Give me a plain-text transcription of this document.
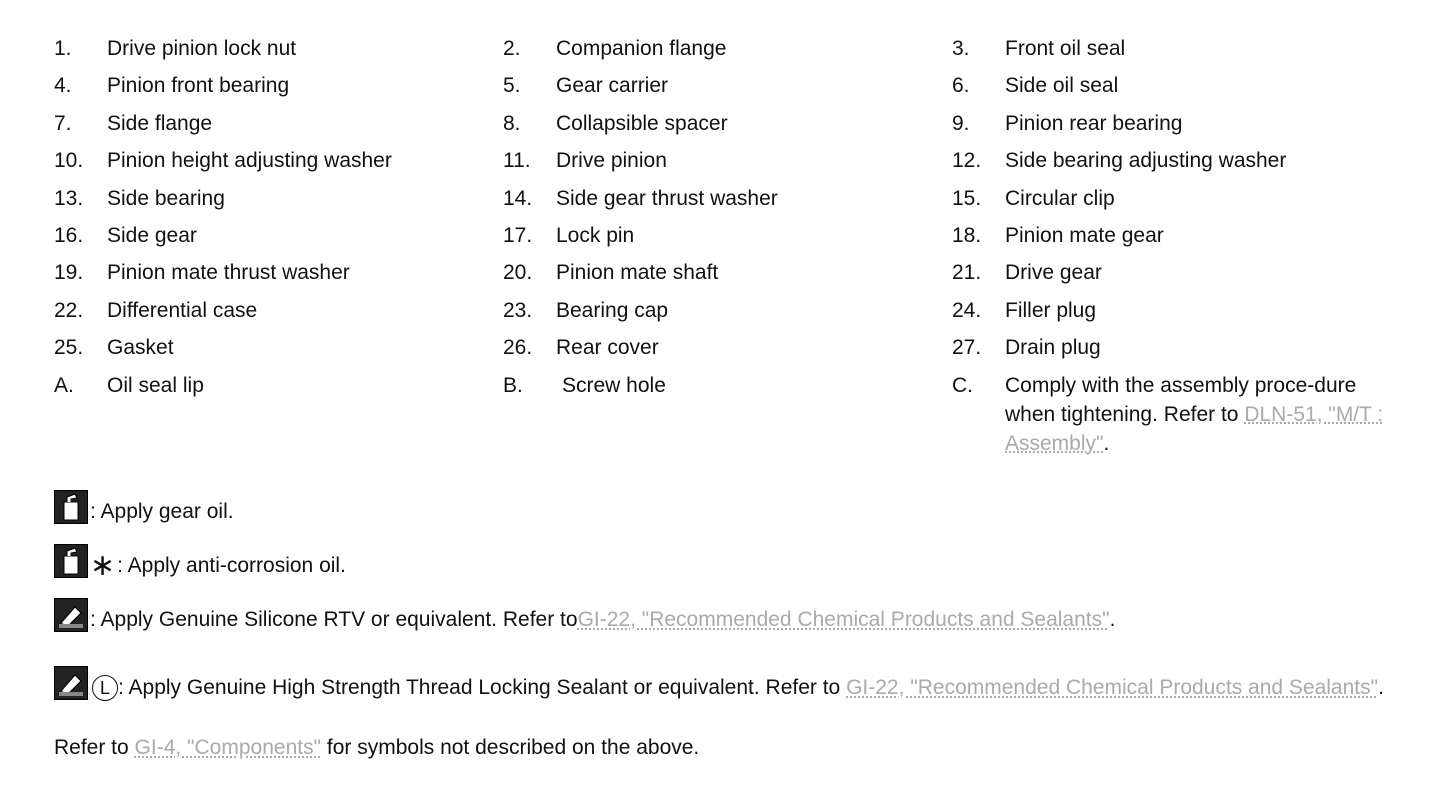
1.	Drive pinion lock nut	2.	Companion flange	3.	Front oil seal
4.	Pinion front bearing	5.	Gear carrier	6.	Side oil seal
7.	Side flange	8.	Collapsible spacer	9.	Pinion rear bearing
10.	Pinion height adjusting washer	11.	Drive pinion	12.	Side bearing adjusting washer
13.	Side bearing	14.	Side gear thrust washer	15.	Circular clip
16.	Side gear	17.	Lock pin	18.	Pinion mate gear
19.	Pinion mate thrust washer	20.	Pinion mate shaft	21.	Drive gear
22.	Differential case	23.	Bearing cap	24.	Filler plug
25.	Gasket	26.	Rear cover	27.	Drain plug
A.	Oil seal lip	B.	Screw hole	C.	Comply with the assembly proce-dure when tightening. Refer to DLN-51, "M/T : Assembly".
: Apply gear oil.
∗ : Apply anti-corrosion oil.
: Apply Genuine Silicone RTV or equivalent. Refer to GI-22, "Recommended Chemical Products and Sealants" .
L : Apply Genuine High Strength Thread Locking Sealant or equivalent. Refer to GI-22, "Recommended Chemical Products and Sealants".
Refer to GI-4, "Components" for symbols not described on the above.
